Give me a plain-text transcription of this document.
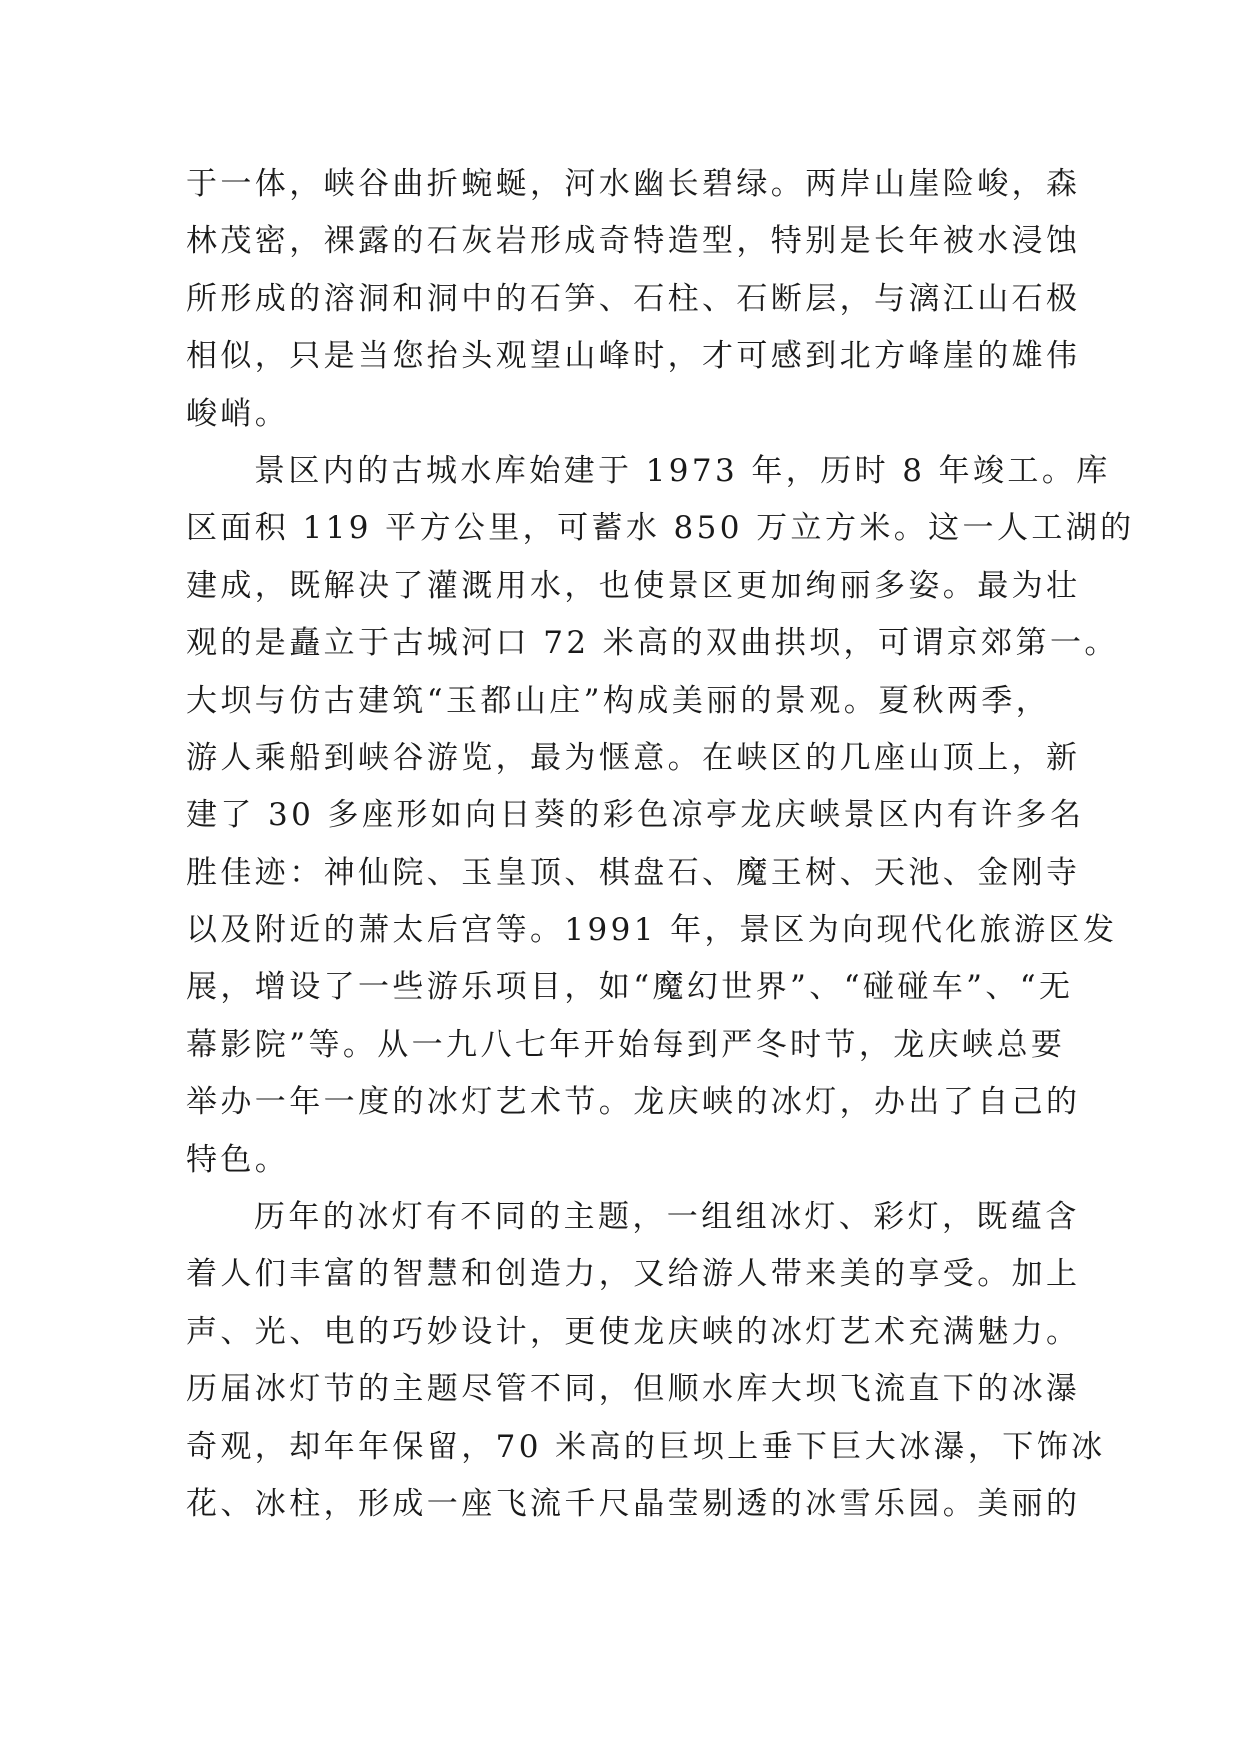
于一体，峡谷曲折蜿蜒，河水幽长碧绿。两岸山崖险峻，森
林茂密，裸露的石灰岩形成奇特造型，特别是长年被水浸蚀
所形成的溶洞和洞中的石笋、石柱、石断层，与漓江山石极
相似，只是当您抬头观望山峰时，才可感到北方峰崖的雄伟
峻峭。
景区内的古城水库始建于 1973 年，历时 8 年竣工。库
区面积 119 平方公里，可蓄水 850 万立方米。这一人工湖的
建成，既解决了灌溉用水，也使景区更加绚丽多姿。最为壮
观的是矗立于古城河口 72 米高的双曲拱坝，可谓京郊第一。
大坝与仿古建筑“玉都山庄”构成美丽的景观。夏秋两季，
游人乘船到峡谷游览，最为惬意。在峡区的几座山顶上，新
建了 30 多座形如向日葵的彩色凉亭龙庆峡景区内有许多名
胜佳迹：神仙院、玉皇顶、棋盘石、魔王树、天池、金刚寺
以及附近的萧太后宫等。1991 年，景区为向现代化旅游区发
展，增设了一些游乐项目，如“魔幻世界”、“碰碰车”、“无
幕影院”等。从一九八七年开始每到严冬时节，龙庆峡总要
举办一年一度的冰灯艺术节。龙庆峡的冰灯，办出了自己的
特色。
历年的冰灯有不同的主题，一组组冰灯、彩灯，既蕴含
着人们丰富的智慧和创造力，又给游人带来美的享受。加上
声、光、电的巧妙设计，更使龙庆峡的冰灯艺术充满魅力。
历届冰灯节的主题尽管不同，但顺水库大坝飞流直下的冰瀑
奇观，却年年保留，70 米高的巨坝上垂下巨大冰瀑，下饰冰
花、冰柱，形成一座飞流千尺晶莹剔透的冰雪乐园。美丽的
